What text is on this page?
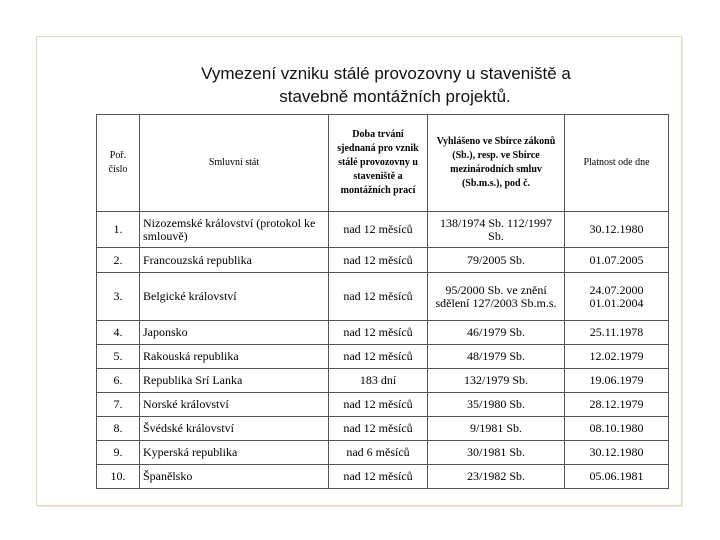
Vymezení vzniku stálé provozovny u staveniště a
stavebně montážních projektů.
Poř. číslo	Smluvní stát	Doba trvání sjednaná pro vznik stálé provozovny u staveniště a montážních prací	Vyhlášeno ve Sbírce zákonů (Sb.), resp. ve Sbírce mezinárodních smluv (Sb.m.s.), pod č.	Platnost ode dne
1.	Nizozemské království (protokol ke smlouvě)	nad 12 měsíců	138/1974 Sb. 112/1997 Sb.	30.12.1980
2.	Francouzská republika	nad 12 měsíců	79/2005 Sb.	01.07.2005
3.	Belgické království	nad 12 měsíců	95/2000 Sb. ve znění sdělení 127/2003 Sb.m.s.	24.07.2000 01.01.2004
4.	Japonsko	nad 12 měsíců	46/1979 Sb.	25.11.1978
5.	Rakouská republika	nad 12 měsíců	48/1979 Sb.	12.02.1979
6.	Republika Srí Lanka	183 dní	132/1979 Sb.	19.06.1979
7.	Norské království	nad 12 měsíců	35/1980 Sb.	28.12.1979
8.	Švédské království	nad 12 měsíců	9/1981 Sb.	08.10.1980
9.	Kyperská republika	nad 6 měsíců	30/1981 Sb.	30.12.1980
10.	Španělsko	nad 12 měsíců	23/1982 Sb.	05.06.1981
